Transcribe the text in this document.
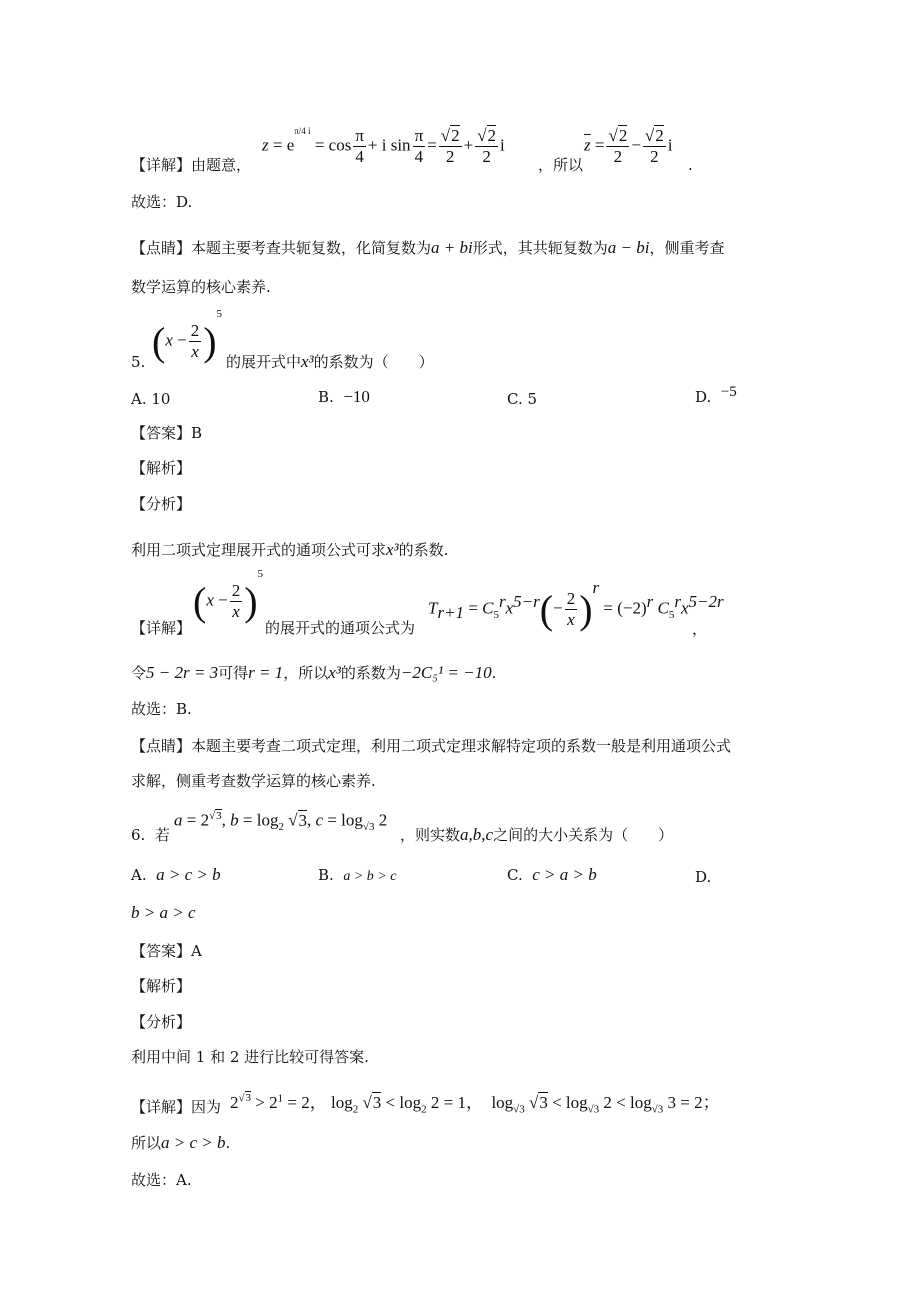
【详解】由题意，
$z = e^{\pi/4 i} = \cos \frac{\pi}{4} + i$ $\sin \frac{\pi}{4} = \frac{√2}{2} + \frac{√2}{2}$ i
，所以
$\overline{z} = \frac{√2}{2} - \frac{√2}{2}$ i
.
故选：D.
【点睛】本题主要考查共轭复数，化简复数为a + bi形式，其共轭复数为a − bi，侧重考查
数学运算的核心素养.
5. $(x - \frac{2}{x} )^5$
的展开式中x³的系数为（　　）
A. 10	B. −10	C. 5	D. −5
【答案】B
【解析】
【分析】
利用二项式定理展开式的通项公式可求x³的系数.
【详解】
$(x - \frac{2}{x} )^5$
的展开式的通项公式为
$T_{r+1} = C_5^rx^{5-r}(- \frac{2}{x} )^r = (-2)^r$ $C_5^rx^{5-2r}$
，
令5 − 2r = 3可得r = 1，所以x³的系数为−2C₅¹ = −10.
故选：B.
【点睛】本题主要考查二项式定理，利用二项式定理求解特定项的系数一般是利用通项公式
求解，侧重考查数学运算的核心素养.
6. 若
$a = 2^{√3}$, $b = \log_2 √3$, $c = \log_{√3} 2$
，则实数a,b,c之间的大小关系为（　　）
A. a > c > b	B. a > b > c	C. c > a > b	D.
b > a > c
【答案】A
【解析】
【分析】
利用中间 1 和 2 进行比较可得答案.
【详解】因为 $2^{√3} > 2^1 = 2$， $\log_2 √3 < \log_2 2 = 1$，  $\log_{√3} √3 < \log_{√3} 2 < \log_{√3} 3 = 2$；
所以a > c > b.
故选：A.
